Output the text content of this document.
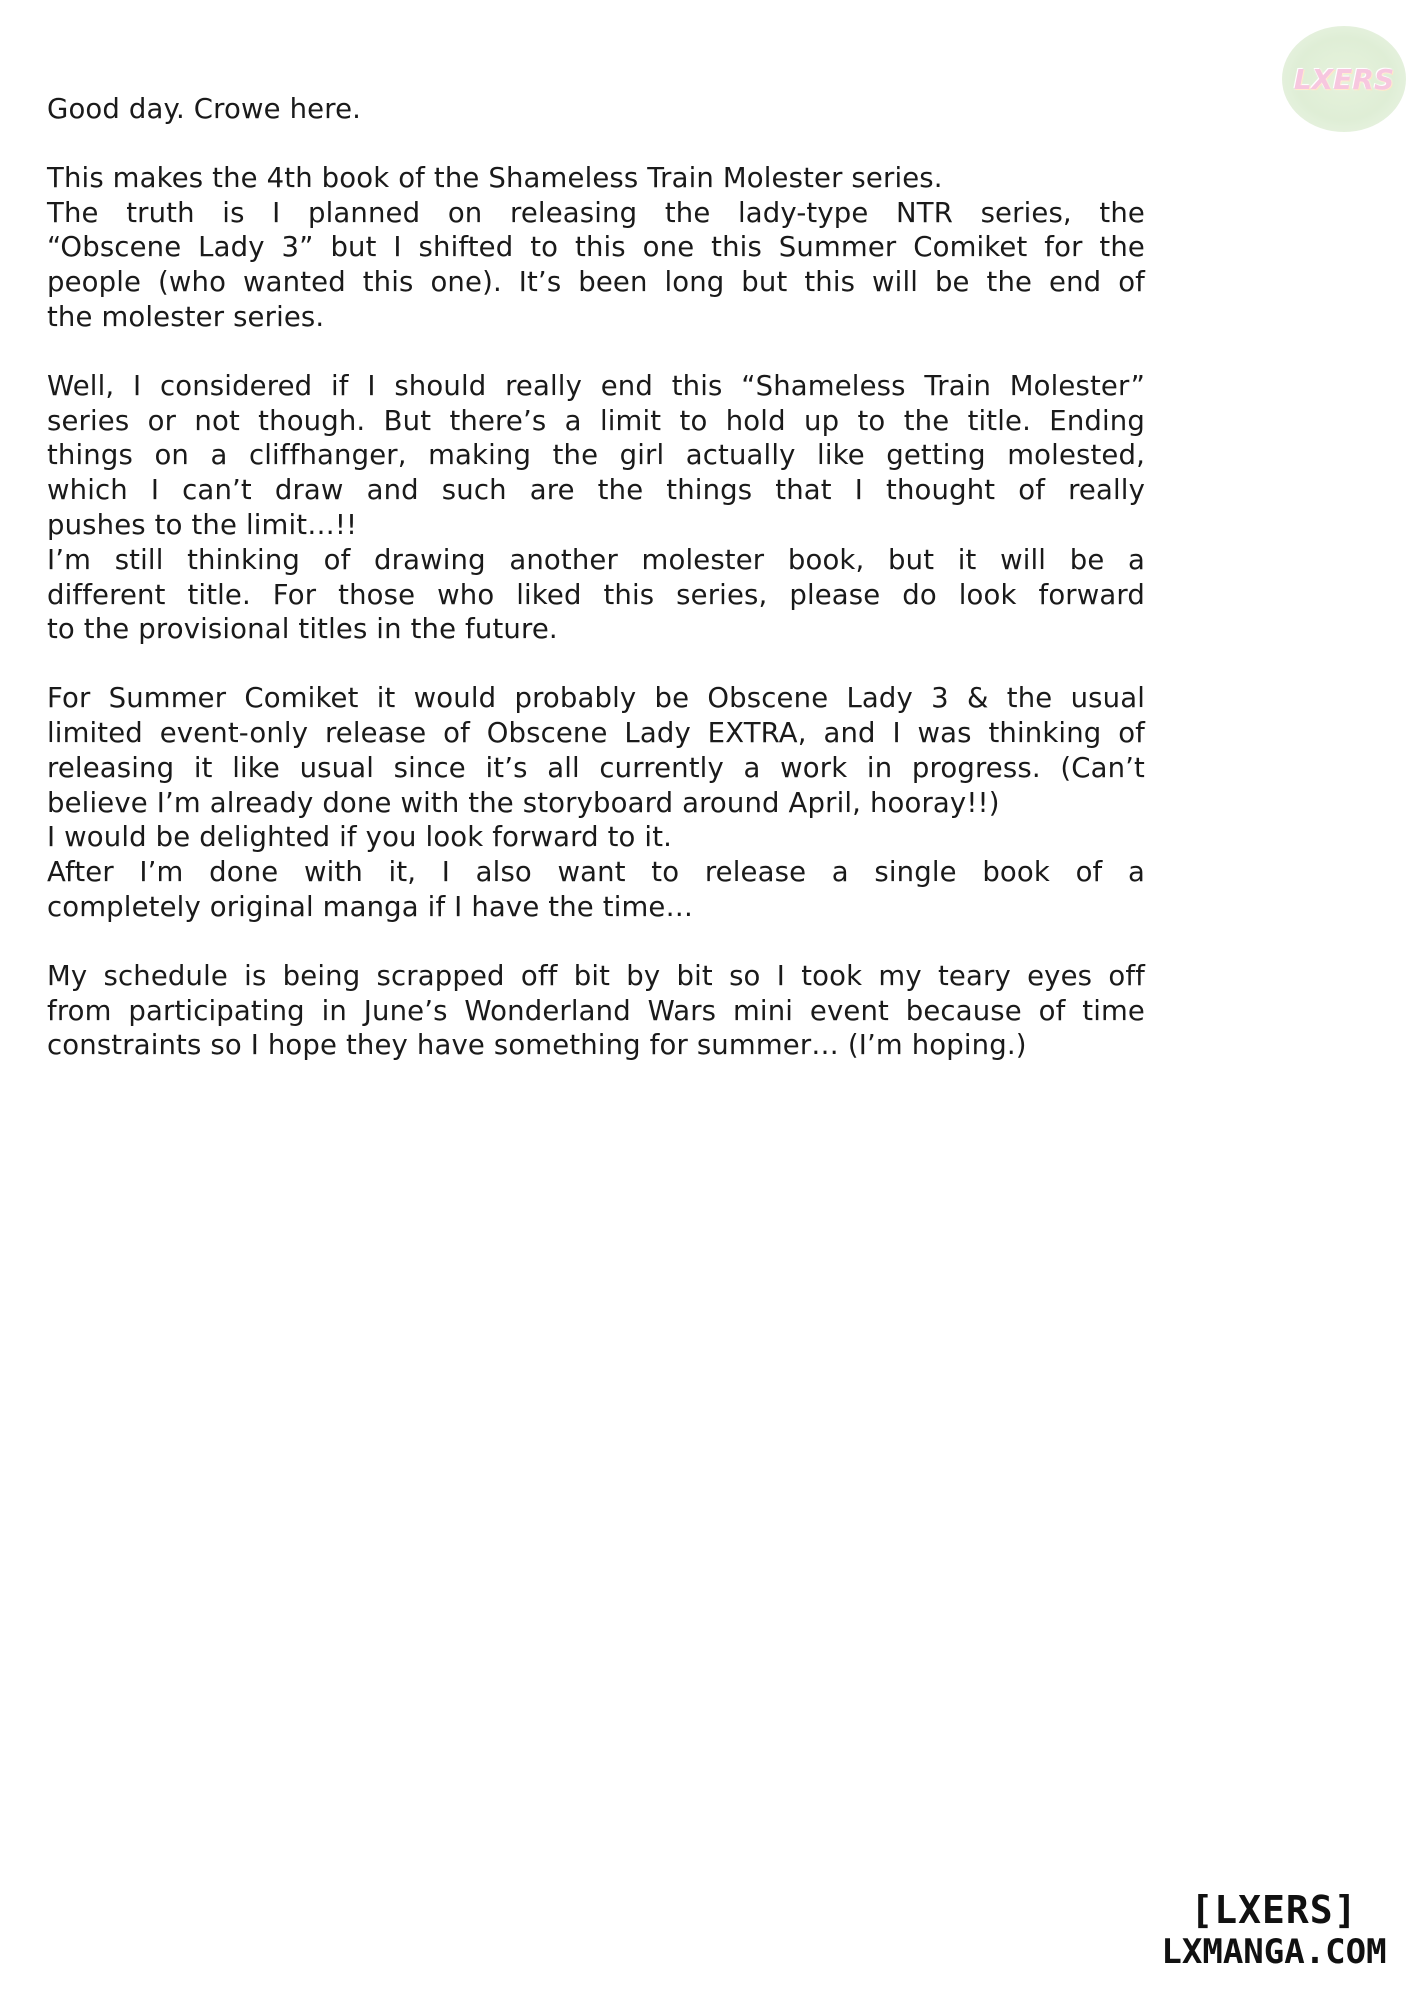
LXERS
Good day. Crowe here.
This makes the 4th book of the Shameless Train Molester series.
The truth is I planned on releasing the lady-type NTR series, the
“Obscene Lady 3” but I shifted to this one this Summer Comiket for the
people (who wanted this one). It’s been long but this will be the end of
the molester series.
Well, I considered if I should really end this “Shameless Train Molester”
series or not though. But there’s a limit to hold up to the title. Ending
things on a cliffhanger, making the girl actually like getting molested,
which I can’t draw and such are the things that I thought of really
pushes to the limit…!!
I’m still thinking of drawing another molester book, but it will be a
different title. For those who liked this series, please do look forward
to the provisional titles in the future.
For Summer Comiket it would probably be Obscene Lady 3 & the usual
limited event-only release of Obscene Lady EXTRA, and I was thinking of
releasing it like usual since it’s all currently a work in progress. (Can’t
believe I’m already done with the storyboard around April, hooray!!)
I would be delighted if you look forward to it.
After I’m done with it, I also want to release a single book of a
completely original manga if I have the time…
My schedule is being scrapped off bit by bit so I took my teary eyes off
from participating in June’s Wonderland Wars mini event because of time
constraints so I hope they have something for summer… (I’m hoping.)
[LXERS]
LXMANGA.COM
